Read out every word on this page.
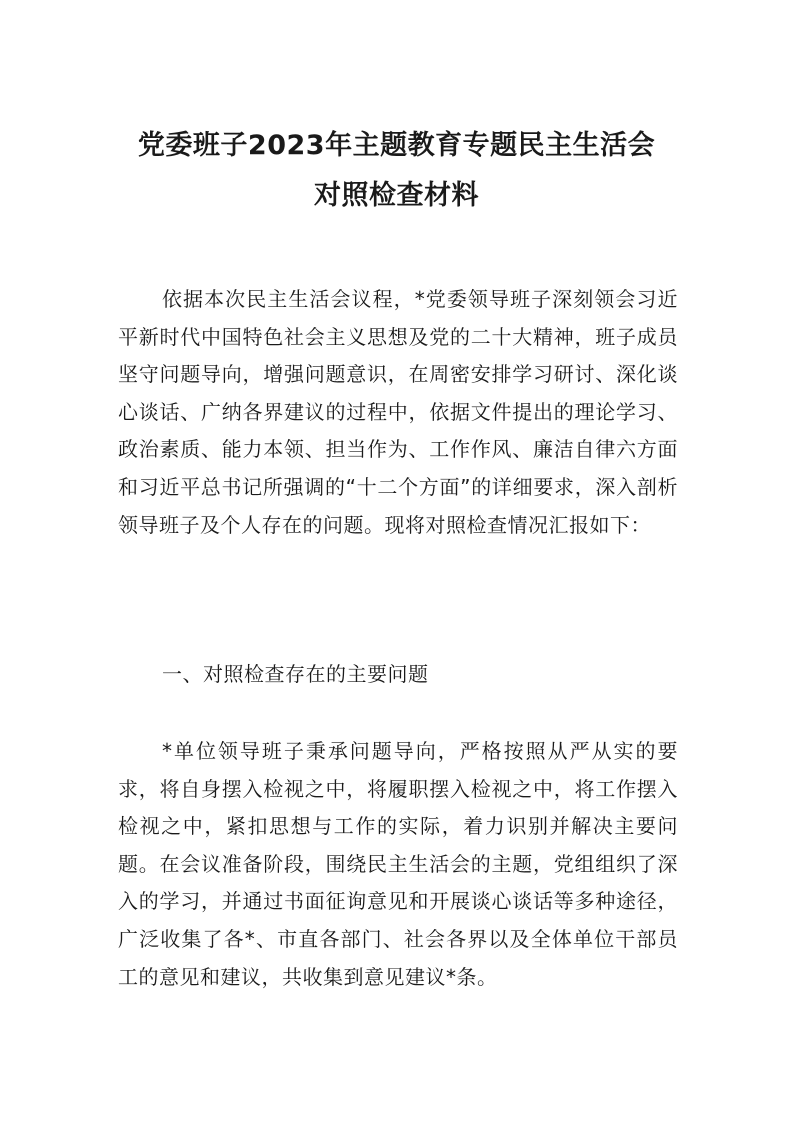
党委班子2023年主题教育专题民主生活会
对照检查材料

依据本次民主生活会议程，*党委领导班子深刻领会习近平新时代中国特色社会主义思想及党的二十大精神，班子成员坚守问题导向，增强问题意识，在周密安排学习研讨、深化谈心谈话、广纳各界建议的过程中，依据文件提出的理论学习、政治素质、能力本领、担当作为、工作作风、廉洁自律六方面和习近平总书记所强调的“十二个方面”的详细要求，深入剖析领导班子及个人存在的问题。现将对照检查情况汇报如下：

一、对照检查存在的主要问题

*单位领导班子秉承问题导向，严格按照从严从实的要求，将自身摆入检视之中，将履职摆入检视之中，将工作摆入检视之中，紧扣思想与工作的实际，着力识别并解决主要问题。在会议准备阶段，围绕民主生活会的主题，党组组织了深入的学习，并通过书面征询意见和开展谈心谈话等多种途径，广泛收集了各*、市直各部门、社会各界以及全体单位干部员工的意见和建议，共收集到意见建议*条。
